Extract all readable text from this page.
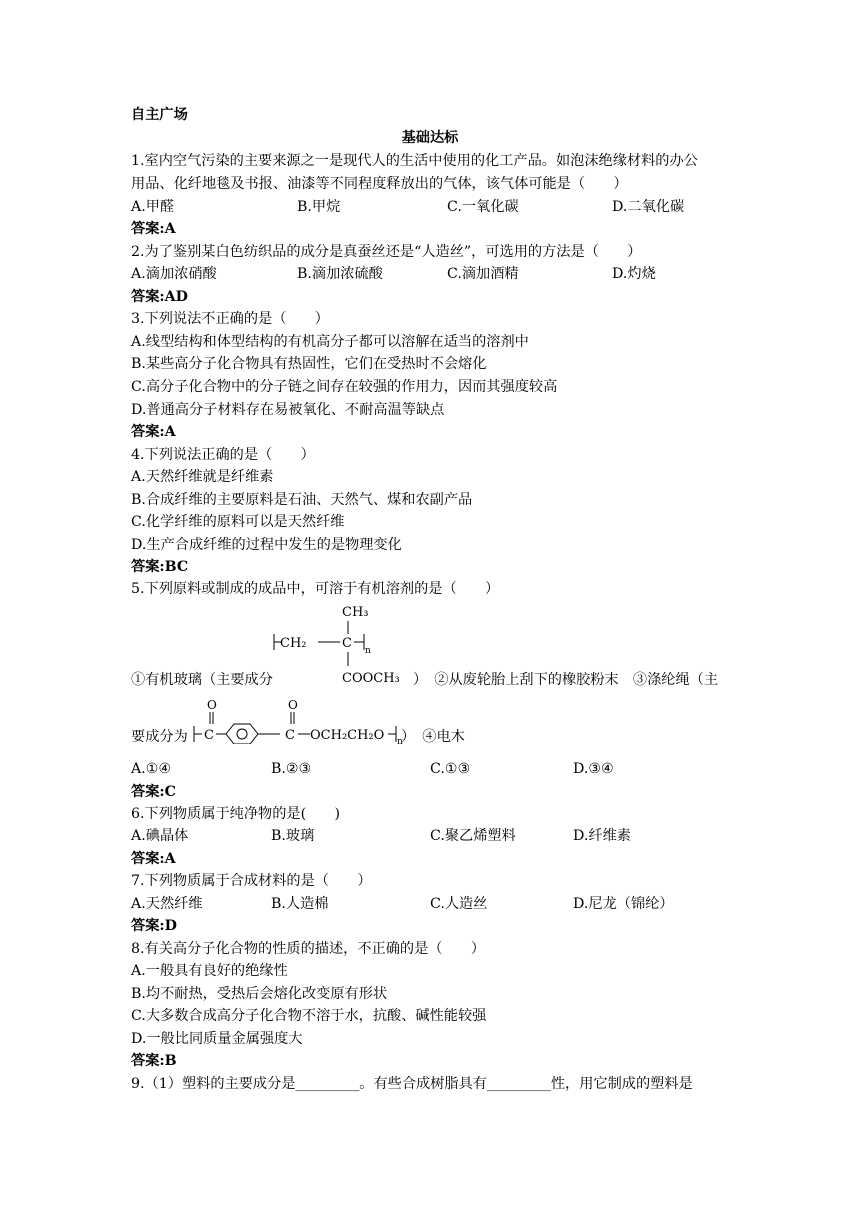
自主广场
基础达标
1.室内空气污染的主要来源之一是现代人的生活中使用的化工产品。如泡沫绝缘材料的办公
用品、化纤地毯及书报、油漆等不同程度释放出的气体，该气体可能是（　　）
A.甲醛	B.甲烷	C.一氧化碳	D.二氧化碳
答案:A
2.为了鉴别某白色纺织品的成分是真蚕丝还是“人造丝”，可选用的方法是（　　）
A.滴加浓硝酸	B.滴加浓硫酸	C.滴加酒精	D.灼烧
答案:AD
3.下列说法不正确的是（　　）
A.线型结构和体型结构的有机高分子都可以溶解在适当的溶剂中
B.某些高分子化合物具有热固性，它们在受热时不会熔化
C.高分子化合物中的分子链之间存在较强的作用力，因而其强度较高
D.普通高分子材料存在易被氧化、不耐高温等缺点
答案:A
4.下列说法正确的是（　　）
A.天然纤维就是纤维素
B.合成纤维的主要原料是石油、天然气、煤和农副产品
C.化学纤维的原料可以是天然纤维
D.生产合成纤维的过程中发生的是物理变化
答案:BC
5.下列原料或制成的成品中，可溶于有机溶剂的是（　　）
CH₃
CH₂	C n
COOCH₃
①有机玻璃（主要成分	）　②从废轮胎上刮下的橡胶粉末　③涤纶绳（主
O
C
O
C OCH₂CH₂O n
要成分为	）　④电木
A.①④	B.②③	C.①③	D.③④
答案:C
6.下列物质属于纯净物的是(　　)
A.碘晶体	B.玻璃	C.聚乙烯塑料	D.纤维素
答案:A
7.下列物质属于合成材料的是（　　）
A.天然纤维	B.人造棉	C.人造丝	D.尼龙（锦纶）
答案:D
8.有关高分子化合物的性质的描述，不正确的是（　　）
A.一般具有良好的绝缘性
B.均不耐热，受热后会熔化改变原有形状
C.大多数合成高分子化合物不溶于水，抗酸、碱性能较强
D.一般比同质量金属强度大
答案:B
9.（1）塑料的主要成分是_________。有些合成树脂具有_________性，用它制成的塑料是
